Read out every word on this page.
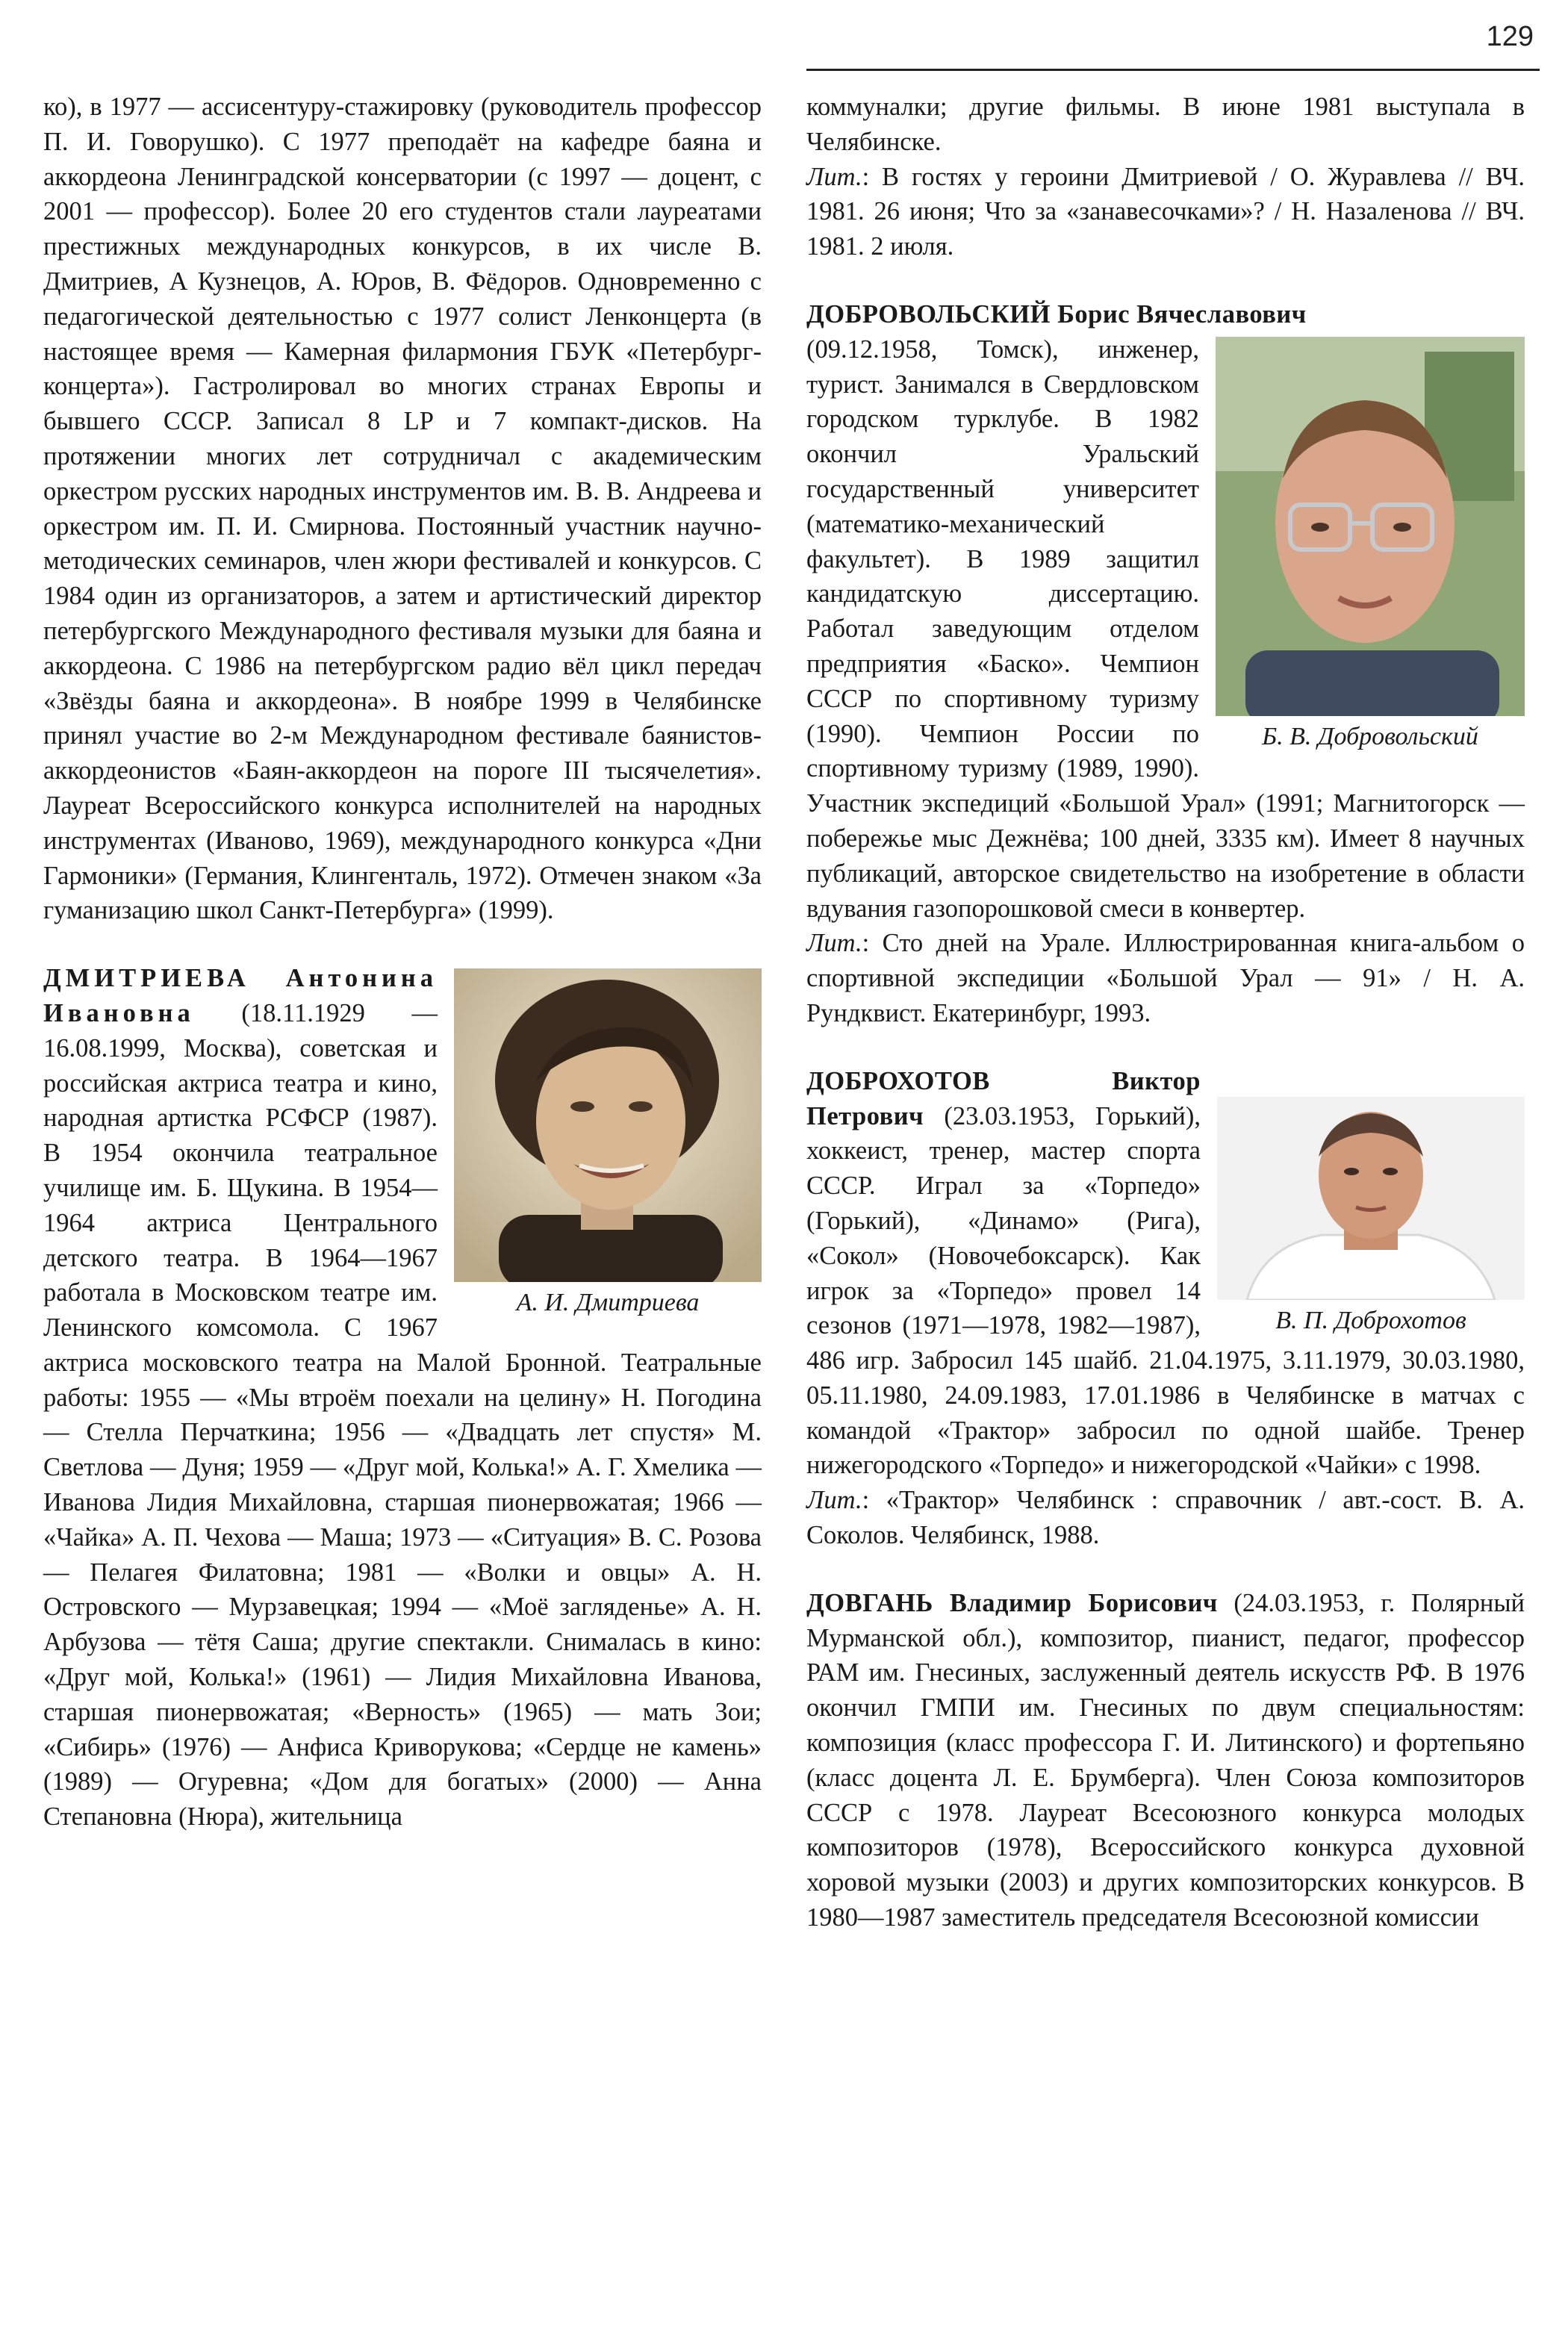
129

ко), в 1977 — ассисентуру-стажировку (руководитель профессор П. И. Говорушко). С 1977 преподаёт на кафедре баяна и аккордеона Ленинградской консерватории (с 1997 — доцент, с 2001 — профессор). Более 20 его студентов стали лауреатами престижных международных конкурсов, в их числе В. Дмитриев, А Кузнецов, А. Юров, В. Фёдоров. Одновременно с педагогической деятельностью с 1977 солист Ленконцерта (в настоящее время — Камерная филармония ГБУК «Петербург-концерта»). Гастролировал во многих странах Европы и бывшего СССР. Записал 8 LP и 7 компакт-дисков. На протяжении многих лет сотрудничал с академическим оркестром русских народных инструментов им. В. В. Андреева и оркестром им. П. И. Смирнова. Постоянный участник научно-методических семинаров, член жюри фестивалей и конкурсов. С 1984 один из организаторов, а затем и артистический директор петербургского Международного фестиваля музыки для баяна и аккордеона. С 1986 на петербургском радио вёл цикл передач «Звёзды баяна и аккордеона». В ноябре 1999 в Челябинске принял участие во 2-м Международном фестивале баянистов-аккордеонистов «Баян-аккордеон на пороге III тысячелетия». Лауреат Всероссийского конкурса исполнителей на народных инструментах (Иваново, 1969), международного конкурса «Дни Гармоники» (Германия, Клингенталь, 1972). Отмечен знаком «За гуманизацию школ Санкт-Петербурга» (1999).

А. И. Дмитриева

ДМИТРИЕВА Антонина Ивановна (18.11.1929 — 16.08.1999, Москва), советская и российская актриса театра и кино, народная артистка РСФСР (1987). В 1954 окончила театральное училище им. Б. Щукина. В 1954—1964 актриса Центрального детского театра. В 1964—1967 работала в Московском театре им. Ленинского комсомола. С 1967 актриса московского театра на Малой Бронной. Театральные работы: 1955 — «Мы втроём поехали на целину» Н. Погодина — Стелла Перчаткина; 1956 — «Двадцать лет спустя» М. Светлова — Дуня; 1959 — «Друг мой, Колька!» А. Г. Хмелика — Иванова Лидия Михайловна, старшая пионервожатая; 1966 — «Чайка» А. П. Чехова — Маша; 1973 — «Ситуация» В. С. Розова — Пелагея Филатовна; 1981 — «Волки и овцы» А. Н. Островского — Мурзавецкая; 1994 — «Моё загляденье» А. Н. Арбузова — тётя Саша; другие спектакли. Снималась в кино: «Друг мой, Колька!» (1961) — Лидия Михайловна Иванова, старшая пионервожатая; «Верность» (1965) — мать Зои; «Сибирь» (1976) — Анфиса Криворукова; «Сердце не камень» (1989) — Огуревна; «Дом для богатых» (2000) — Анна Степановна (Нюра), жительница

коммуналки; другие фильмы. В июне 1981 выступала в Челябинске.

Лит.: В гостях у героини Дмитриевой / О. Журавлева // ВЧ. 1981. 26 июня; Что за «занавесочками»? / Н. Назаленова // ВЧ. 1981. 2 июля.

ДОБРОВОЛЬСКИЙ Борис Вячеславович

Б. В. Добровольский

(09.12.1958, Томск), инженер, турист. Занимался в Свердловском городском турклубе. В 1982 окончил Уральский государственный университет (математико-механический факультет). В 1989 защитил кандидатскую диссертацию. Работал заведующим отделом предприятия «Баско». Чемпион СССР по спортивному туризму (1990). Чемпион России по спортивному туризму (1989, 1990). Участник экспедиций «Большой Урал» (1991; Магнитогорск — побережье мыс Дежнёва; 100 дней, 3335 км). Имеет 8 научных публикаций, авторское свидетельство на изобретение в области вдувания газопорошковой смеси в конвертер.

Лит.: Сто дней на Урале. Иллюстрированная книга-альбом о спортивной экспедиции «Большой Урал — 91» / Н. А. Рундквист. Екатеринбург, 1993.

В. П. Доброхотов

ДОБРОХОТОВ Виктор Петрович (23.03.1953, Горький), хоккеист, тренер, мастер спорта СССР. Играл за «Торпедо» (Горький), «Динамо» (Рига), «Сокол» (Новочебоксарск). Как игрок за «Торпедо» провел 14 сезонов (1971—1978, 1982—1987), 486 игр. Забросил 145 шайб. 21.04.1975, 3.11.1979, 30.03.1980, 05.11.1980, 24.09.1983, 17.01.1986 в Челябинске в матчах с командой «Трактор» забросил по одной шайбе. Тренер нижегородского «Торпедо» и нижегородской «Чайки» с 1998.

Лит.: «Трактор» Челябинск : справочник / авт.-сост. В. А. Соколов. Челябинск, 1988.

ДОВГАНЬ Владимир Борисович (24.03.1953, г. Полярный Мурманской обл.), композитор, пианист, педагог, профессор РАМ им. Гнесиных, заслуженный деятель искусств РФ. В 1976 окончил ГМПИ им. Гнесиных по двум специальностям: композиция (класс профессора Г. И. Литинского) и фортепьяно (класс доцента Л. Е. Брумберга). Член Союза композиторов СССР с 1978. Лауреат Всесоюзного конкурса молодых композиторов (1978), Всероссийского конкурса духовной хоровой музыки (2003) и других композиторских конкурсов. В 1980—1987 заместитель председателя Всесоюзной комиссии
